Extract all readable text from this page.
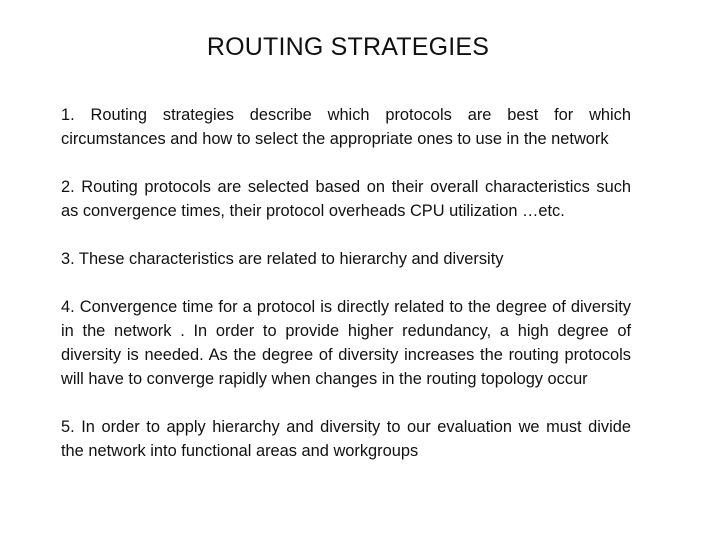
ROUTING STRATEGIES

1. Routing strategies describe which protocols are best for which circumstances and how to select the appropriate ones to use in the network

2. Routing protocols are selected based on their overall characteristics such as convergence times, their protocol overheads CPU utilization …etc.

3. These characteristics are related to hierarchy and diversity

4. Convergence time for a protocol is directly related to the degree of diversity in the network . In order to provide higher redundancy, a high degree of diversity is needed. As the degree of diversity increases the routing protocols will have to converge rapidly when changes in the routing topology occur

5. In order to apply hierarchy and diversity to our evaluation we must divide the network into functional areas and workgroups
